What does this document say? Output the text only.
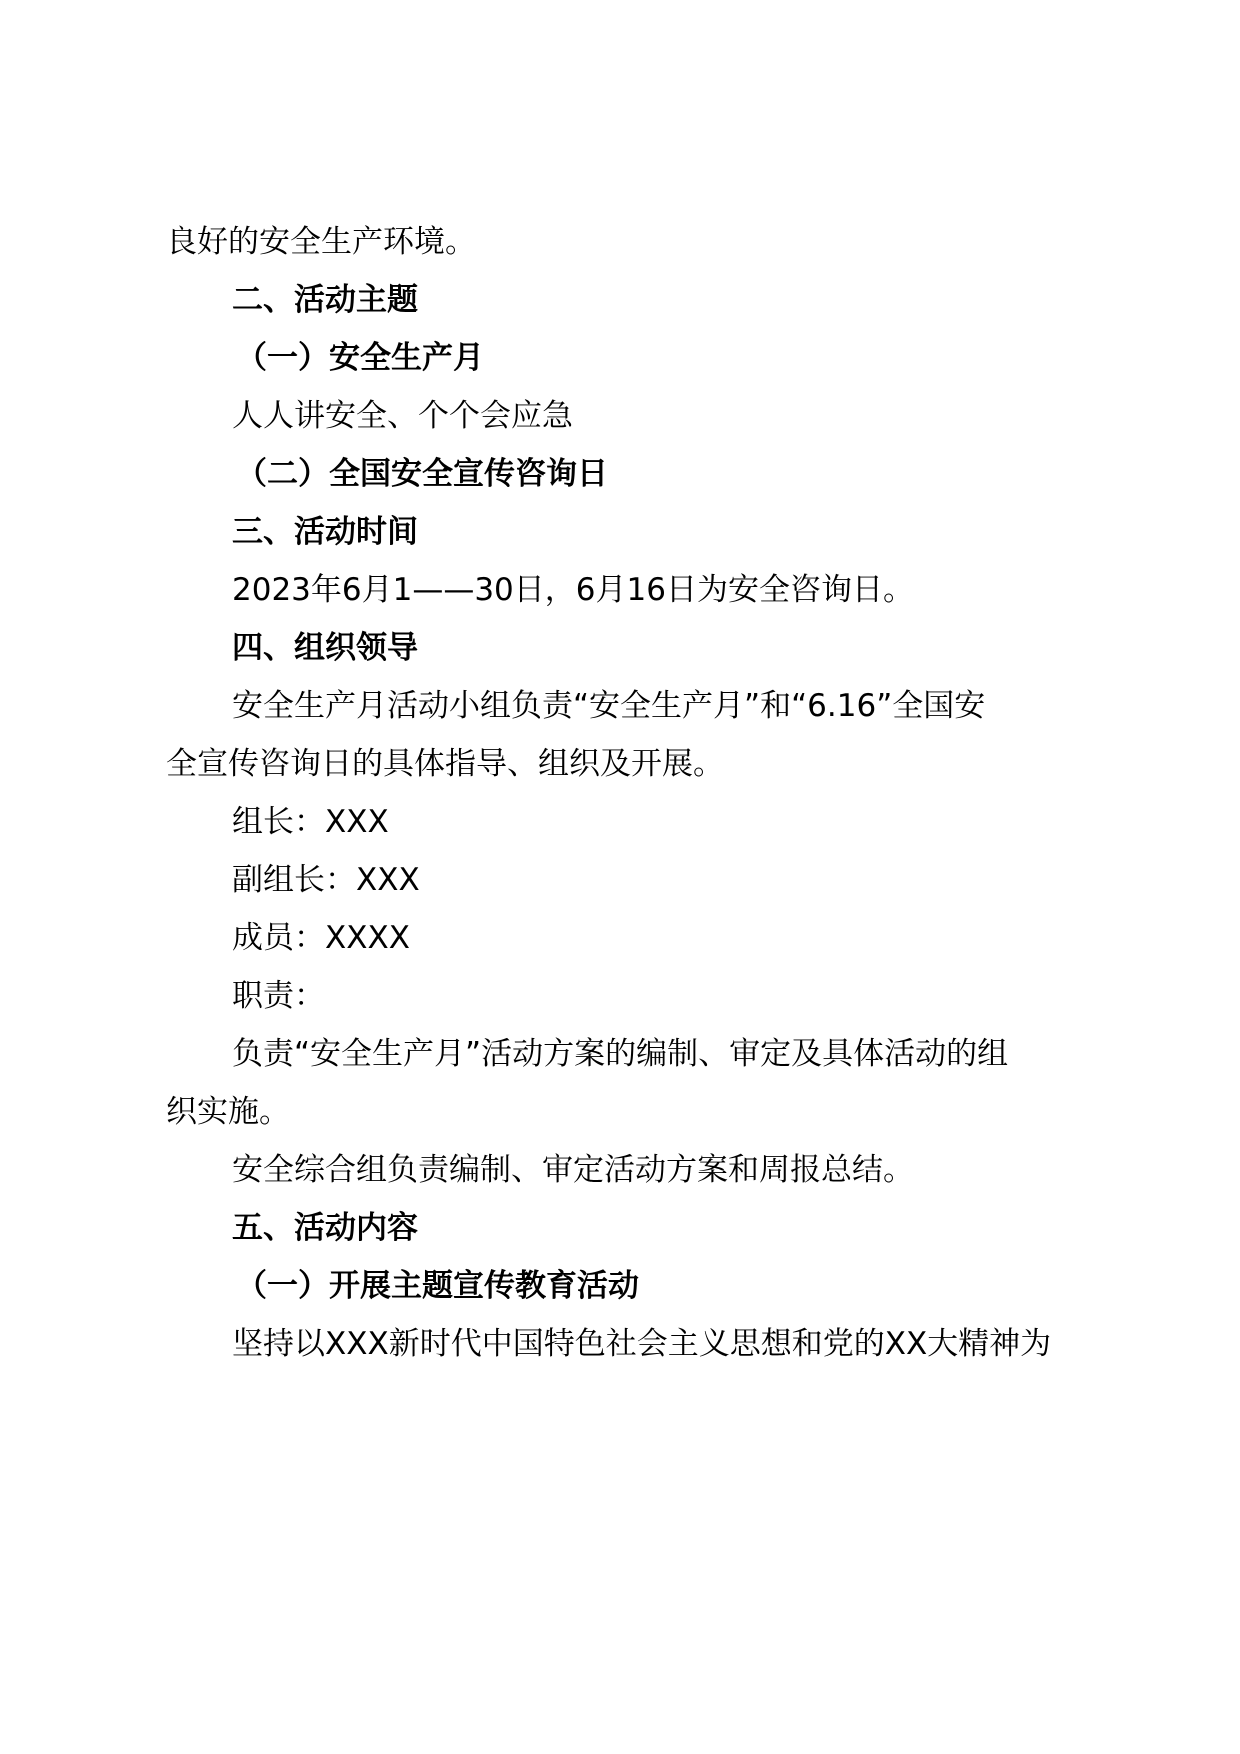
良好的安全生产环境。
二、活动主题
（一）安全生产月
人人讲安全、个个会应急
（二）全国安全宣传咨询日
三、活动时间
2023年6月1——30日，6月16日为安全咨询日。
四、组织领导
安全生产月活动小组负责“安全生产月”和“6.16”全国安
全宣传咨询日的具体指导、组织及开展。
组长：XXX
副组长：XXX
成员：XXXX
职责：
负责“安全生产月”活动方案的编制、审定及具体活动的组
织实施。
安全综合组负责编制、审定活动方案和周报总结。
五、活动内容
（一）开展主题宣传教育活动
坚持以XXX新时代中国特色社会主义思想和党的XX大精神为
